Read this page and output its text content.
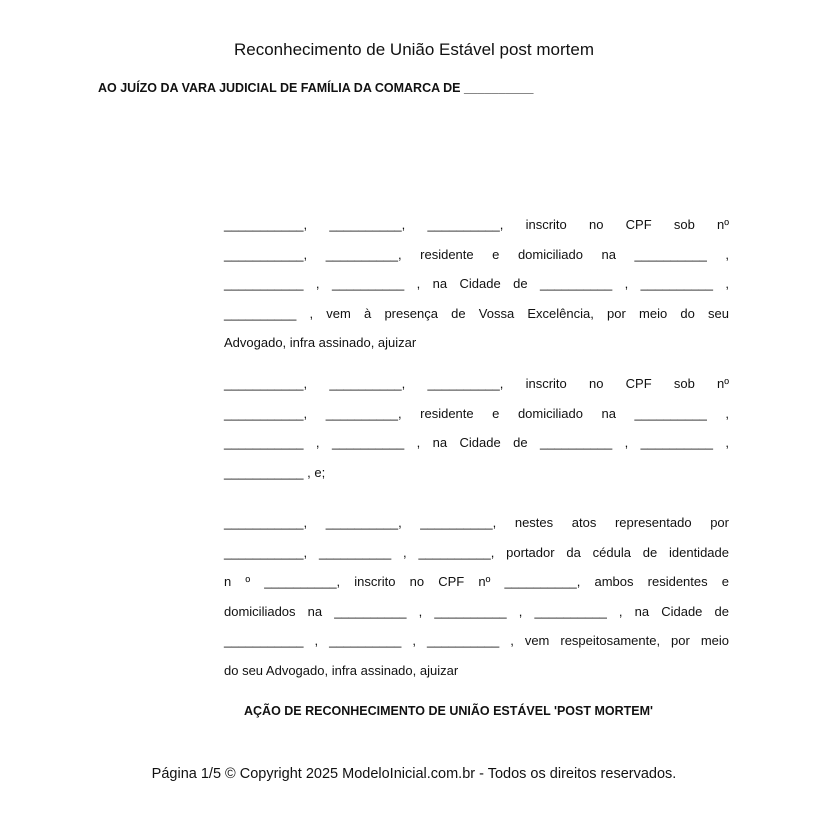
Reconhecimento de União Estável post mortem
AO JUÍZO DA VARA JUDICIAL DE FAMÍLIA DA COMARCA DE __________
___________, __________, __________, inscrito no CPF sob nº
___________, __________, residente e domiciliado na __________ ,
___________ , __________ , na Cidade de __________ , __________ ,
__________ , vem à presença de Vossa Excelência, por meio do seu
Advogado, infra assinado, ajuizar
___________, __________, __________, inscrito no CPF sob nº
___________, __________, residente e domiciliado na __________ ,
___________ , __________ , na Cidade de __________ , __________ ,
___________ , e;
___________, __________, __________, nestes atos representado por
___________, __________ , __________, portador da cédula de identidade
n º __________, inscrito no CPF nº __________, ambos residentes e
domiciliados na __________ , __________ , __________ , na Cidade de
___________ , __________ , __________ , vem respeitosamente, por meio
do seu Advogado, infra assinado, ajuizar
AÇÃO DE RECONHECIMENTO DE UNIÃO ESTÁVEL 'POST MORTEM'
Página 1/5 © Copyright 2025 ModeloInicial.com.br - Todos os direitos reservados.
